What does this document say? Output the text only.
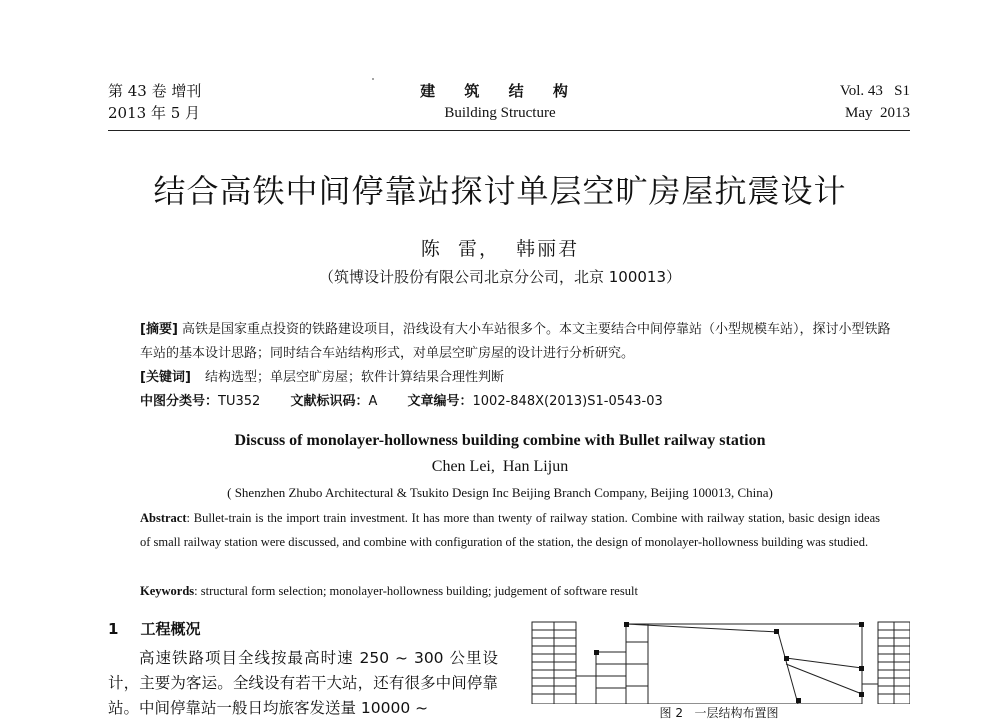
第 43 卷 增刊
2013 年 5 月
建 筑 结 构
Building Structure
Vol. 43   S1
May  2013
结合高铁中间停靠站探讨单层空旷房屋抗震设计
陈  雷，  韩丽君
（筑博设计股份有限公司北京分公司，北京 100013）
[摘要] 高铁是国家重点投资的铁路建设项目，沿线设有大小车站很多个。本文主要结合中间停靠站（小型规模车站），探讨小型铁路车站的基本设计思路；同时结合车站结构形式，对单层空旷房屋的设计进行分析研究。
[关键词] 结构选型；单层空旷房屋；软件计算结果合理性判断
中图分类号：TU352 文献标识码：A 文章编号：1002-848X(2013)S1-0543-03
Discuss of monolayer-hollowness building combine with Bullet railway station
Chen Lei,  Han Lijun
( Shenzhen Zhubo Architectural & Tsukito Design Inc Beijing Branch Company, Beijing 100013, China)
Abstract: Bullet-train is the import train investment. It has more than twenty of railway station. Combine with railway station, basic design ideas of small railway station were discussed, and combine with configuration of the station, the design of monolayer-hollowness building was studied.
Keywords: structural form selection; monolayer-hollowness building; judgement of software result
1 工程概况

高速铁路项目全线按最高时速 250 ~ 300 公里设计，主要为客运。全线设有若干大站，还有很多中间停靠站。中间停靠站一般日均旅客发送量 10000 ~	图 2   一层结构布置图
